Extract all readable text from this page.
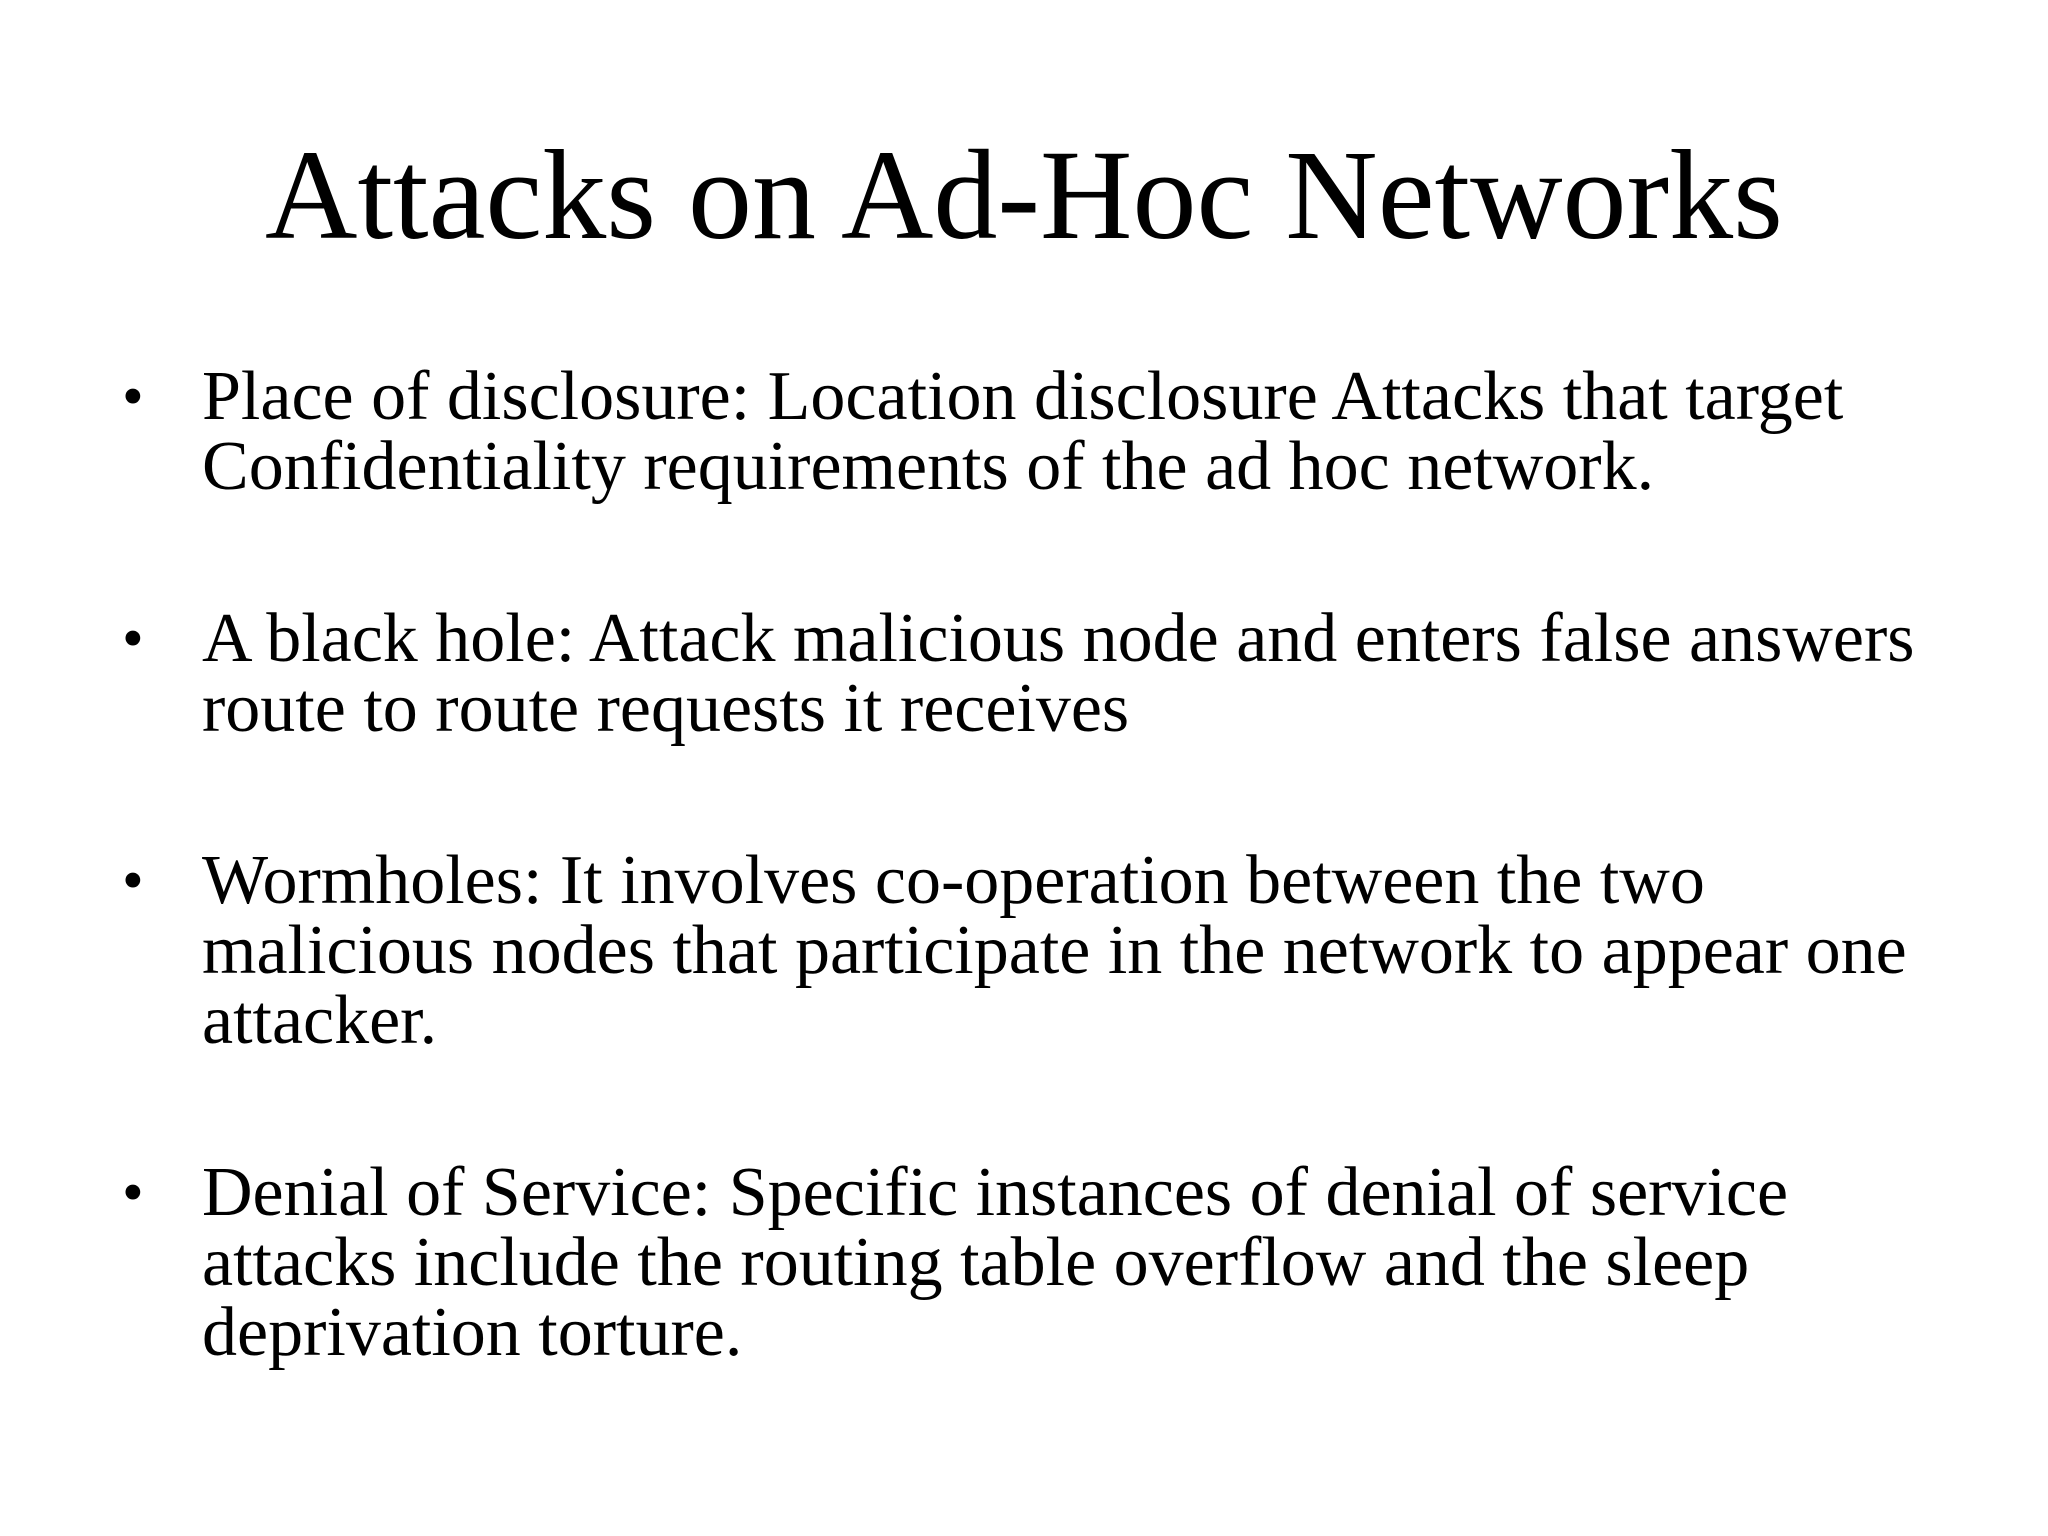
Attacks on Ad-Hoc Networks
• Place of disclosure: Location disclosure Attacks that target Confidentiality requirements of the ad hoc network.
• A black hole: Attack malicious node and enters false answers route to route requests it receives
• Wormholes: It involves co-operation between the two malicious nodes that participate in the network to appear one attacker.
• Denial of Service: Specific instances of denial of service attacks include the routing table overflow and the sleep deprivation torture.
